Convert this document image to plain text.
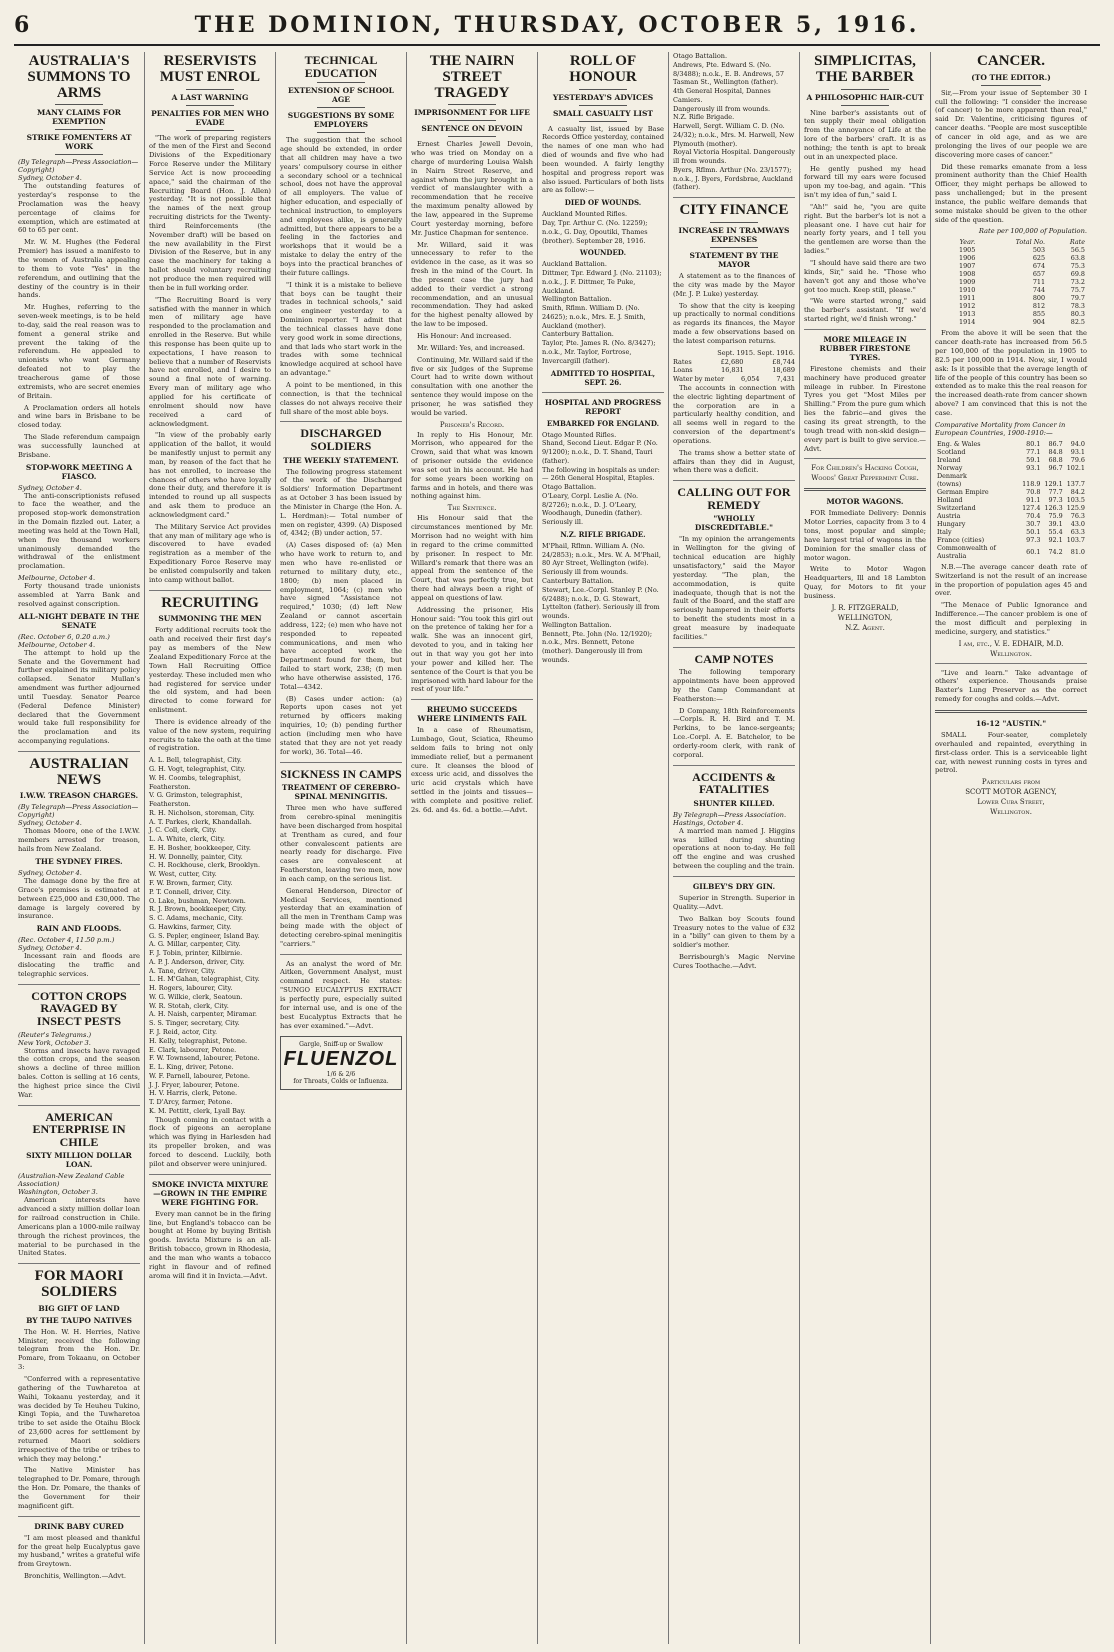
6	THE DOMINION, THURSDAY, OCTOBER 5, 1916.
AUSTRALIA'S SUMMONS TO ARMS
MANY CLAIMS FOR EXEMPTION
STRIKE FOMENTERS AT WORK
(By Telegraph—Press Association—Copyright)
Sydney, October 4.

The outstanding features of yesterday's response to the Proclamation was the heavy percentage of claims for exemption, which are estimated at 60 to 65 per cent.

Mr. W. M. Hughes (the Federal Premier) has issued a manifesto to the women of Australia appealing to them to vote "Yes" in the referendum, and outlining that the destiny of the country is in their hands.

Mr. Hughes, referring to the seven-week meetings, is to be held to-day, said the real reason was to foment a general strike and prevent the taking of the referendum. He appealed to unionists who want Germany defeated not to play the treacherous game of those extremists, who are secret enemies of Britain.

A Proclamation orders all hotels and wine bars in Brisbane to be closed today.

The Slade referendum campaign was successfully launched at Brisbane.

STOP-WORK MEETING A FIASCO.
Sydney, October 4.

The anti-conscriptionists refused to face the weather, and the proposed stop-work demonstration in the Domain fizzled out. Later, a meeting was held at the Town Hall, when five thousand workers unanimously demanded the withdrawal of the enlistment proclamation.

Melbourne, October 4.

Forty thousand trade unionists assembled at Yarra Bank and resolved against conscription.

ALL-NIGHT DEBATE IN THE SENATE
(Rec. October 6, 0.20 a.m.)
Melbourne, October 4.

The attempt to hold up the Senate and the Government had further explained its military policy collapsed. Senator Mullan's amendment was further adjourned until Tuesday. Senator Pearce (Federal Defence Minister) declared that the Government would take full responsibility for the proclamation and its accompanying regulations.

AUSTRALIAN NEWS
I.W.W. TREASON CHARGES.
(By Telegraph—Press Association—Copyright)
Sydney, October 4.

Thomas Moore, one of the I.W.W. members arrested for treason, hails from New Zealand.

THE SYDNEY FIRES.
Sydney, October 4.

The damage done by the fire at Grace's premises is estimated at between £25,000 and £30,000. The damage is largely covered by insurance.

RAIN AND FLOODS.
(Rec. October 4, 11.50 p.m.)
Sydney, October 4.

Incessant rain and floods are dislocating the traffic and telegraphic services.

COTTON CROPS RAVAGED BY INSECT PESTS
(Reuter's Telegrams.)
New York, October 3.

Storms and insects have ravaged the cotton crops, and the season shows a decline of three million bales. Cotton is selling at 16 cents, the highest price since the Civil War.

AMERICAN ENTERPRISE IN CHILE
SIXTY MILLION DOLLAR LOAN.
(Australian-New Zealand Cable Association)
Washington, October 3.

American interests have advanced a sixty million dollar loan for railroad construction in Chile. Americans plan a 1000-mile railway through the richest provinces, the material to be purchased in the United States.

FOR MAORI SOLDIERS
BIG GIFT OF LAND
BY THE TAUPO NATIVES

The Hon. W. H. Herries, Native Minister, received the following telegram from the Hon. Dr. Pomare, from Tokaanu, on October 3:

"Conferred with a representative gathering of the Tuwharetoa at Waihi, Tokaanu yesterday, and it was decided by Te Heuheu Tukino, Kingi Topia, and the Tuwharetoa tribe to set aside the Otaihu Block of 23,600 acres for settlement by returned Maori soldiers irrespective of the tribe or tribes to which they may belong."

The Native Minister has telegraphed to Dr. Pomare, through the Hon. Dr. Pomare, the thanks of the Government for their magnificent gift.

DRINK BABY CURED

"I am most pleased and thankful for the great help Eucalyptus gave my husband," writes a grateful wife from Greytown.

Bronchitis, Wellington.—Advt.

RESERVISTS MUST ENROL
A LAST WARNING
PENALTIES FOR MEN WHO EVADE

"The work of preparing registers of the men of the First and Second Divisions of the Expeditionary Force Reserve under the Military Service Act is now proceeding apace," said the chairman of the Recruiting Board (Hon. J. Allen) yesterday. "It is not possible that the names of the next group recruiting districts for the Twenty-third Reinforcements (the November draft) will be based on the new availability in the First Division of the Reserve, but in any case the machinery for taking a ballot should voluntary recruiting not produce the men required will then be in full working order.

"The Recruiting Board is very satisfied with the manner in which men of military age have responded to the proclamation and enrolled in the Reserve. But while this response has been quite up to expectations, I have reason to believe that a number of Reservists have not enrolled, and I desire to sound a final note of warning. Every man of military age who applied for his certificate of enrolment should now have received a card of acknowledgment.

"In view of the probably early application of the ballot, it would be manifestly unjust to permit any man, by reason of the fact that he has not enrolled, to increase the chances of others who have loyally done their duty, and therefore it is intended to round up all suspects and ask them to produce an acknowledgment card."

The Military Service Act provides that any man of military age who is discovered to have evaded registration as a member of the Expeditionary Force Reserve may be enlisted compulsorily and taken into camp without ballot.

RECRUITING
SUMMONING THE MEN

Forty additional recruits took the oath and received their first day's pay as members of the New Zealand Expeditionary Force at the Town Hall Recruiting Office yesterday. These included men who had registered for service under the old system, and had been directed to come forward for enlistment.

There is evidence already of the value of the new system, requiring recruits to take the oath at the time of registration.

A. L. Bell, telegraphist, City.
G. H. Vogt, telegraphist, City.
W. H. Coombs, telegraphist, Featherston.
V. G. Grimston, telegraphist, Featherston.
R. H. Nicholson, storeman, City.
A. T. Parkes, clerk, Khandallah.
J. C. Coll, clerk, City.
L. A. White, clerk, City.
E. H. Bosher, bookkeeper, City.
H. W. Donnelly, painter, City.
C. H. Rockhouse, clerk, Brooklyn.
W. West, cutter, City.
F. W. Brown, farmer, City.
P. T. Connell, driver, City.
O. Lake, bushman, Newtown.
R. J. Brown, bookkeeper, City.
S. C. Adams, mechanic, City.
G. Hawkins, farmer, City.
G. S. Pepler, engineer, Island Bay.
A. G. Millar, carpenter, City.
F. J. Tobin, printer, Kilbirnie.
A. P. J. Anderson, driver, City.
A. Tane, driver, City.
L. H. M'Gahan, telegraphist, City.
H. Rogers, labourer, City.
W. G. Wilkie, clerk, Seatoun.
W. R. Stotah, clerk, City.
A. H. Naish, carpenter, Miramar.
S. S. Tinger, secretary, City.
F. J. Reid, actor, City.
H. Kelly, telegraphist, Petone.
E. Clark, labourer, Petone.
F. W. Townsend, labourer, Petone.
E. L. King, driver, Petone.
W. F. Parnell, labourer, Petone.
J. J. Fryer, labourer, Petone.
H. V. Harris, clerk, Petone.
T. D'Arcy, farmer, Petone.
K. M. Pettitt, clerk, Lyall Bay.

Though coming in contact with a flock of pigeons an aeroplane which was flying in Harlesden had its propeller broken, and was forced to descend. Luckily, both pilot and observer were uninjured.

SMOKE INVICTA MIXTURE—GROWN IN THE EMPIRE WERE FIGHTING FOR.

Every man cannot be in the firing line, but England's tobacco can be bought at Home by buying British goods. Invicta Mixture is an all-British tobacco, grown in Rhodesia, and the man who wants a tobacco right in flavour and of refined aroma will find it in Invicta.—Advt.

TECHNICAL EDUCATION
EXTENSION OF SCHOOL AGE
SUGGESTIONS BY SOME EMPLOYERS

The suggestion that the school age should be extended, in order that all children may have a two years' compulsory course in either a secondary school or a technical school, does not have the approval of all employers. The value of higher education, and especially of technical instruction, to employers and employees alike, is generally admitted, but there appears to be a feeling in the factories and workshops that it would be a mistake to delay the entry of the boys into the practical branches of their future callings.

"I think it is a mistake to believe that boys can be taught their trades in technical schools," said one engineer yesterday to a Dominion reporter. "I admit that the technical classes have done very good work in some directions, and that lads who start work in the trades with some technical knowledge acquired at school have an advantage."

A point to be mentioned, in this connection, is that the technical classes do not always receive their full share of the most able boys.

DISCHARGED SOLDIERS
THE WEEKLY STATEMENT.

The following progress statement of the work of the Discharged Soldiers' Information Department as at October 3 has been issued by the Minister in Charge (the Hon. A. L. Herdman):— Total number of men on register, 4399. (A) Disposed of, 4342; (B) under action, 57.

(A) Cases disposed of: (a) Men who have work to return to, and men who have re-enlisted or returned to military duty, etc., 1800; (b) men placed in employment, 1064; (c) men who have signed "Assistance not required," 1030; (d) left New Zealand or cannot ascertain address, 122; (e) men who have not responded to repeated communications, and men who have accepted work the Department found for them, but failed to start work, 238; (f) men who have otherwise assisted, 176. Total—4342.

(B) Cases under action: (a) Reports upon cases not yet returned by officers making inquiries, 10; (b) pending further action (including men who have stated that they are not yet ready for work), 36. Total—46.

SICKNESS IN CAMPS
TREATMENT OF CEREBRO-SPINAL MENINGITIS.

Three men who have suffered from cerebro-spinal meningitis have been discharged from hospital at Trentham as cured, and four other convalescent patients are nearly ready for discharge. Five cases are convalescent at Featherston, leaving two men, now in each camp, on the serious list.

General Henderson, Director of Medical Services, mentioned yesterday that an examination of all the men in Trentham Camp was being made with the object of detecting cerebro-spinal meningitis "carriers."

As an analyst the word of Mr. Aitken, Government Analyst, must command respect. He states: "SUNGO EUCALYPTUS EXTRACT is perfectly pure, especially suited for internal use, and is one of the best Eucalyptus Extracts that he has ever examined."—Advt.

Gargle, Sniff-up or Swallow
FLUENZOL
1/6 & 2/6
for Throats, Colds or Influenza.
THE NAIRN STREET TRAGEDY
IMPRISONMENT FOR LIFE
SENTENCE ON DEVOIN

Ernest Charles Jewell Devoin, who was tried on Monday on a charge of murdering Louisa Walsh in Nairn Street Reserve, and against whom the jury brought in a verdict of manslaughter with a recommendation that he receive the maximum penalty allowed by the law, appeared in the Supreme Court yesterday morning, before Mr. Justice Chapman for sentence.

Mr. Willard, said it was unnecessary to refer to the evidence in the case, as it was so fresh in the mind of the Court. In the present case the jury had added to their verdict a strong recommendation, and an unusual recommendation. They had asked for the highest penalty allowed by the law to be imposed.

His Honour: And increased.

Mr. Willard: Yes, and increased.

Continuing, Mr. Willard said if the five or six Judges of the Supreme Court had to write down without consultation with one another the sentence they would impose on the prisoner, he was satisfied they would be varied.

Prisoner's Record.

In reply to His Honour, Mr. Morrison, who appeared for the Crown, said that what was known of prisoner outside the evidence was set out in his account. He had for some years been working on farms and in hotels, and there was nothing against him.

The Sentence.

His Honour said that the circumstances mentioned by Mr. Morrison had no weight with him in regard to the crime committed by prisoner. In respect to Mr. Willard's remark that there was an appeal from the sentence of the Court, that was perfectly true, but there had always been a right of appeal on questions of law.

Addressing the prisoner, His Honour said: "You took this girl out on the pretence of taking her for a walk. She was an innocent girl, devoted to you, and in taking her out in that way you got her into your power and killed her. The sentence of the Court is that you be imprisoned with hard labour for the rest of your life."

RHEUMO SUCCEEDS WHERE LINIMENTS FAIL

In a case of Rheumatism, Lumbago, Gout, Sciatica, Rheumo seldom fails to bring not only immediate relief, but a permanent cure. It cleanses the blood of excess uric acid, and dissolves the uric acid crystals which have settled in the joints and tissues—with complete and positive relief. 2s. 6d. and 4s. 6d. a bottle.—Advt.

ROLL OF HONOUR
YESTERDAY'S ADVICES
SMALL CASUALTY LIST

A casualty list, issued by Base Records Office yesterday, contained the names of one man who had died of wounds and five who had been wounded. A fairly lengthy hospital and progress report was also issued. Particulars of both lists are as follow:—

DIED OF WOUNDS.
Auckland Mounted Rifles.
Day, Tpr. Arthur C. (No. 12259); n.o.k., G. Day, Opoutiki, Thames (brother). September 28, 1916.
WOUNDED.
Auckland Battalion.
Dittmer, Tpr. Edward J. (No. 21103); n.o.k., J. F. Dittmer, Te Puke, Auckland.
Wellington Battalion.
Smith, Rflmn. William D. (No. 24625); n.o.k., Mrs. E. J. Smith, Auckland (mother).
Canterbury Battalion.
Taylor, Pte. James R. (No. 8/3427); n.o.k., Mr. Taylor, Fortrose, Invercargill (father).
ADMITTED TO HOSPITAL, SEPT. 26.
HOSPITAL AND PROGRESS REPORT
EMBARKED FOR ENGLAND.
Otago Mounted Rifles.
Shand, Second Lieut. Edgar P. (No. 9/1200); n.o.k., D. T. Shand, Tauri (father).
The following in hospitals as under:— 26th General Hospital, Etaples.
Otago Battalion.
O'Leary, Corpl. Leslie A. (No. 8/2726); n.o.k., D. J. O'Leary, Woodhaugh, Dunedin (father). Seriously ill.
N.Z. RIFLE BRIGADE.
M'Phail, Rflmn. William A. (No. 24/2853); n.o.k., Mrs. W. A. M'Phail, 80 Ayr Street, Wellington (wife). Seriously ill from wounds.
Canterbury Battalion.
Stewart, Lce.-Corpl. Stanley P. (No. 6/2488); n.o.k., D. G. Stewart, Lyttelton (father). Seriously ill from wounds.
Wellington Battalion.
Bennett, Pte. John (No. 12/1920); n.o.k., Mrs. Bennett, Petone (mother). Dangerously ill from wounds.
Otago Battalion.
Andrews, Pte. Edward S. (No. 8/3488); n.o.k., E. B. Andrews, 57 Tasman St., Wellington (father).
4th General Hospital, Dannes Camiers.
Dangerously ill from wounds.
N.Z. Rifle Brigade.
Harwell, Sergt. William C. D. (No. 24/32); n.o.k., Mrs. M. Harwell, New Plymouth (mother).
Royal Victoria Hospital. Dangerously ill from wounds.
Byers, Rflmn. Arthur (No. 23/1577); n.o.k., J. Byers, Fordsbrae, Auckland (father).
CITY FINANCE
INCREASE IN TRAMWAYS EXPENSES
STATEMENT BY THE MAYOR

A statement as to the finances of the city was made by the Mayor (Mr. J. P. Luke) yesterday.

To show that the city is keeping up practically to normal conditions as regards its finances, the Mayor made a few observations based on the latest comparison returns.

Sept. 1915. Sept. 1916.
Rates	£2,680	£8,744
Loans	16,831	18,689
Water by meter	6,054	7,431

The accounts in connection with the electric lighting department of the corporation are in a particularly healthy condition, and all seems well in regard to the conversion of the department's operations.

The trams show a better state of affairs than they did in August, when there was a deficit.

CALLING OUT FOR REMEDY
"WHOLLY DISCREDITABLE."

"In my opinion the arrangements in Wellington for the giving of technical education are highly unsatisfactory," said the Mayor yesterday. "The plan, the accommodation, is quite inadequate, though that is not the fault of the Board, and the staff are seriously hampered in their efforts to benefit the students most in a great measure by inadequate facilities."

CAMP NOTES

The following temporary appointments have been approved by the Camp Commandant at Featherston:—

D Company, 18th Reinforcements—Corpls. R. H. Bird and T. M. Perkins, to be lance-sergeants; Lce.-Corpl. A. E. Batchelor, to be orderly-room clerk, with rank of corporal.

ACCIDENTS & FATALITIES
SHUNTER KILLED.
By Telegraph—Press Association.
Hastings, October 4.

A married man named J. Higgins was killed during shunting operations at noon to-day. He fell off the engine and was crushed between the coupling and the train.

GILBEY'S DRY GIN.

Superior in Strength. Superior in Quality.—Advt.

Two Balkan boy Scouts found Treasury notes to the value of £32 in a "billy" can given to them by a soldier's mother.

Berrisbourgh's Magic Nervine Cures Toothache.—Advt.

SIMPLICITAS, THE BARBER
A PHILOSOPHIC HAIR-CUT

Nine barber's assistants out of ten supply their meal obligation from the annoyance of Life at the lore of the barbers' craft. It is as nothing; the tenth is apt to break out in an unexpected place.

He gently pushed my head forward till my ears were focused upon my toe-bag, and again. "This isn't my idea of fun," said I.

"Ah!" said he, "you are quite right. But the barber's lot is not a pleasant one. I have cut hair for nearly forty years, and I tell you the gentlemen are worse than the ladies."

"I should have said there are two kinds, Sir," said he. "Those who haven't got any and those who've got too much. Keep still, please."

"We were started wrong," said the barber's assistant. "If we'd started right, we'd finish wrong."

MORE MILEAGE IN RUBBER FIRESTONE TYRES.

Firestone chemists and their machinery have produced greater mileage in rubber. In Firestone Tyres you get "Most Miles per Shilling." From the pure gum which lies the fabric—and gives the casing its great strength, to the tough tread with non-skid design—every part is built to give service.—Advt.

For Children's Hacking Cough,
Woods' Great Peppermint Cure.
MOTOR WAGONS.

FOR Immediate Delivery: Dennis Motor Lorries, capacity from 3 to 4 tons, most popular and simple; have largest trial of wagons in the Dominion for the smaller class of motor wagon.

Write to Motor Wagon Headquarters, Ill and 18 Lambton Quay, for Motors to fit your business.

J. R. FITZGERALD,
WELLINGTON,
N.Z. Agent.
CANCER.
(TO THE EDITOR.)

Sir,—From your issue of September 30 I cull the following: "I consider the increase (of cancer) to be more apparent than real," said Dr. Valentine, criticising figures of cancer deaths. "People are most susceptible of cancer in old age, and as we are prolonging the lives of our people we are discovering more cases of cancer."

Did these remarks emanate from a less prominent authority than the Chief Health Officer, they might perhaps be allowed to pass unchallenged; but in the present instance, the public welfare demands that some mistake should be given to the other side of the question.

Rate per 100,000 of Population.
Year.	Total No.	Rate
1905	503	56.5
1906	625	63.8
1907	674	75.3
1908	657	69.8
1909	711	73.2
1910	744	75.7
1911	800	79.7
1912	812	78.3
1913	855	80.3
1914	904	82.5

From the above it will be seen that the cancer death-rate has increased from 56.5 per 100,000 of the population in 1905 to 82.5 per 100,000 in 1914. Now, sir, I would ask: Is it possible that the average length of life of the people of this country has been so extended as to make this the real reason for the increased death-rate from cancer shown above? I am convinced that this is not the case.

Comparative Mortality from Cancer in European Countries, 1900-1910:—
Eng. & Wales	80.1	86.7	94.0
Scotland	77.1	84.8	93.1
Ireland	59.1	68.8	79.6
Norway	93.1	96.7	102.1
Denmark			
(towns)	118.9	129.1	137.7
German Empire	70.8	77.7	84.2
Holland	91.1	97.3	103.5
Switzerland	127.4	126.3	125.9
Austria	70.4	75.9	76.3
Hungary	30.7	39.1	43.0
Italy	50.1	55.4	63.3
France (cities)	97.3	92.1	103.7
Commonwealth of Australia	60.1	74.2	81.0

N.B.—The average cancer death rate of Switzerland is not the result of an increase in the proportion of population ages 45 and over.

"The Menace of Public Ignorance and Indifference.—The cancer problem is one of the most difficult and perplexing in medicine, surgery, and statistics."

I am, etc., V. E. EDHAIR, M.D.
Wellington.

"Live and learn." Take advantage of others' experience. Thousands praise Baxter's Lung Preserver as the correct remedy for coughs and colds.—Advt.

16-12 "AUSTIN."

SMALL Four-seater, completely overhauled and repainted, everything in first-class order. This is a serviceable light car, with newest running costs in tyres and petrol.

Particulars from
SCOTT MOTOR AGENCY,
Lower Cuba Street,
Wellington.
